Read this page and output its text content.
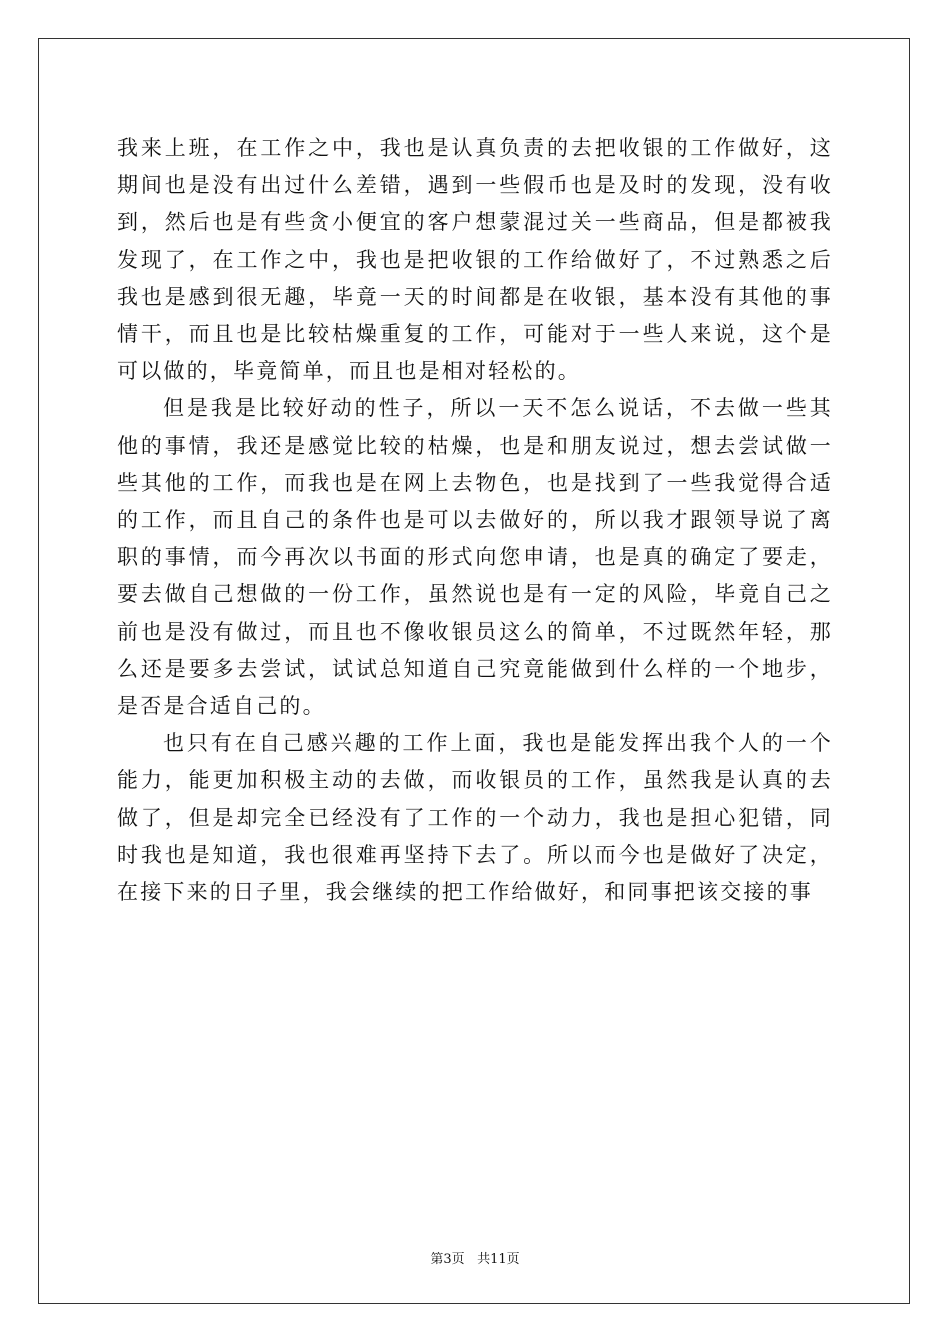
我来上班，在工作之中，我也是认真负责的去把收银的工作做好，这期间也是没有出过什么差错，遇到一些假币也是及时的发现，没有收到，然后也是有些贪小便宜的客户想蒙混过关一些商品，但是都被我发现了，在工作之中，我也是把收银的工作给做好了，不过熟悉之后我也是感到很无趣，毕竟一天的时间都是在收银，基本没有其他的事情干，而且也是比较枯燥重复的工作，可能对于一些人来说，这个是可以做的，毕竟简单，而且也是相对轻松的。

但是我是比较好动的性子，所以一天不怎么说话，不去做一些其他的事情，我还是感觉比较的枯燥，也是和朋友说过，想去尝试做一些其他的工作，而我也是在网上去物色，也是找到了一些我觉得合适的工作，而且自己的条件也是可以去做好的，所以我才跟领导说了离职的事情，而今再次以书面的形式向您申请，也是真的确定了要走，要去做自己想做的一份工作，虽然说也是有一定的风险，毕竟自己之前也是没有做过，而且也不像收银员这么的简单，不过既然年轻，那么还是要多去尝试，试试总知道自己究竟能做到什么样的一个地步，是否是合适自己的。

也只有在自己感兴趣的工作上面，我也是能发挥出我个人的一个能力，能更加积极主动的去做，而收银员的工作，虽然我是认真的去做了，但是却完全已经没有了工作的一个动力，我也是担心犯错，同时我也是知道，我也很难再坚持下去了。所以而今也是做好了决定，在接下来的日子里，我会继续的把工作给做好，和同事把该交接的事

第3页 共11页
